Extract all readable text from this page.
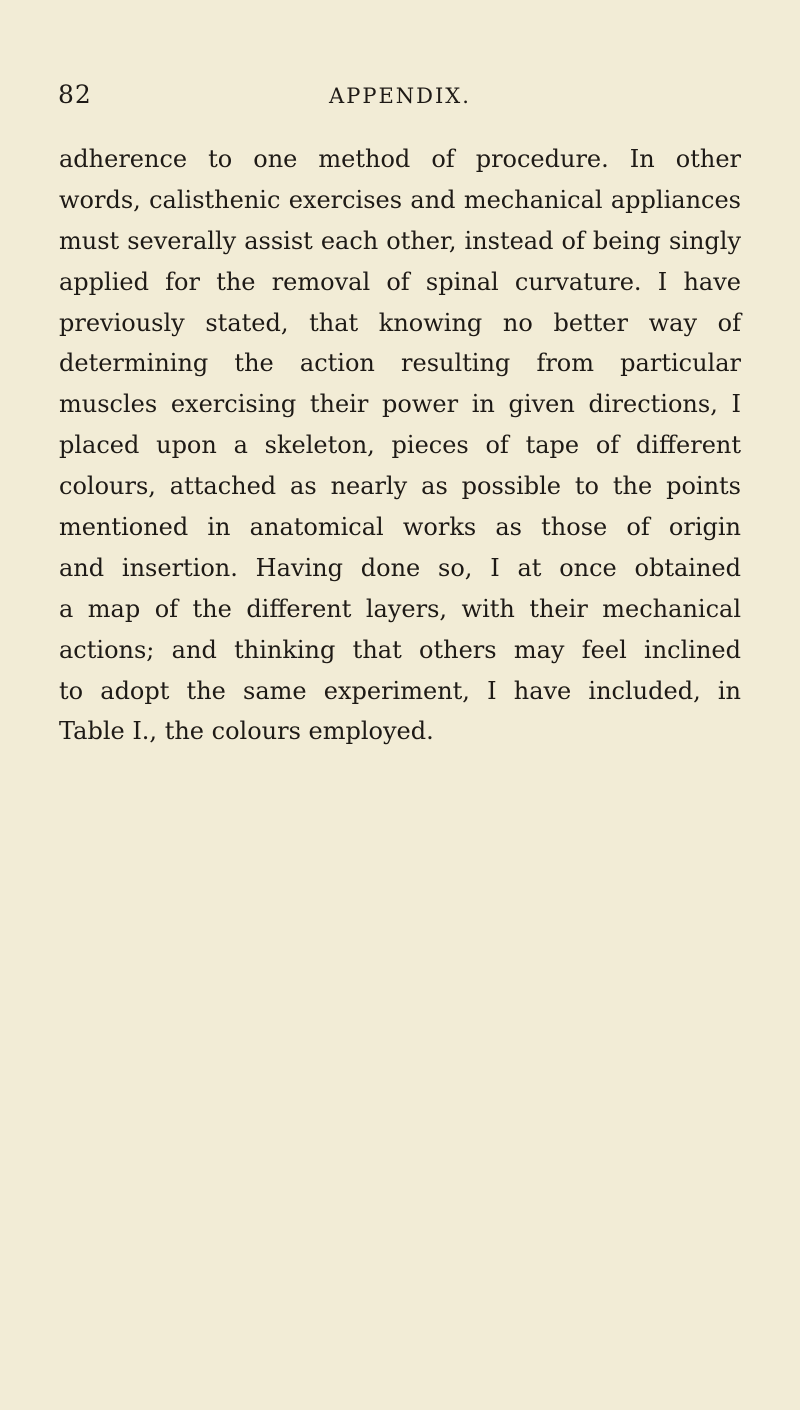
82	APPENDIX.
adherence to one method of procedure. In other
words, calisthenic exercises and mechanical appliances
must severally assist each other, instead of being singly
applied for the removal of spinal curvature. I have
previously stated, that knowing no better way of
determining the action resulting from particular
muscles exercising their power in given directions, I
placed upon a skeleton, pieces of tape of different
colours, attached as nearly as possible to the points
mentioned in anatomical works as those of origin
and insertion. Having done so, I at once obtained
a map of the different layers, with their mechanical
actions; and thinking that others may feel inclined
to adopt the same experiment, I have included, in
Table I., the colours employed.
